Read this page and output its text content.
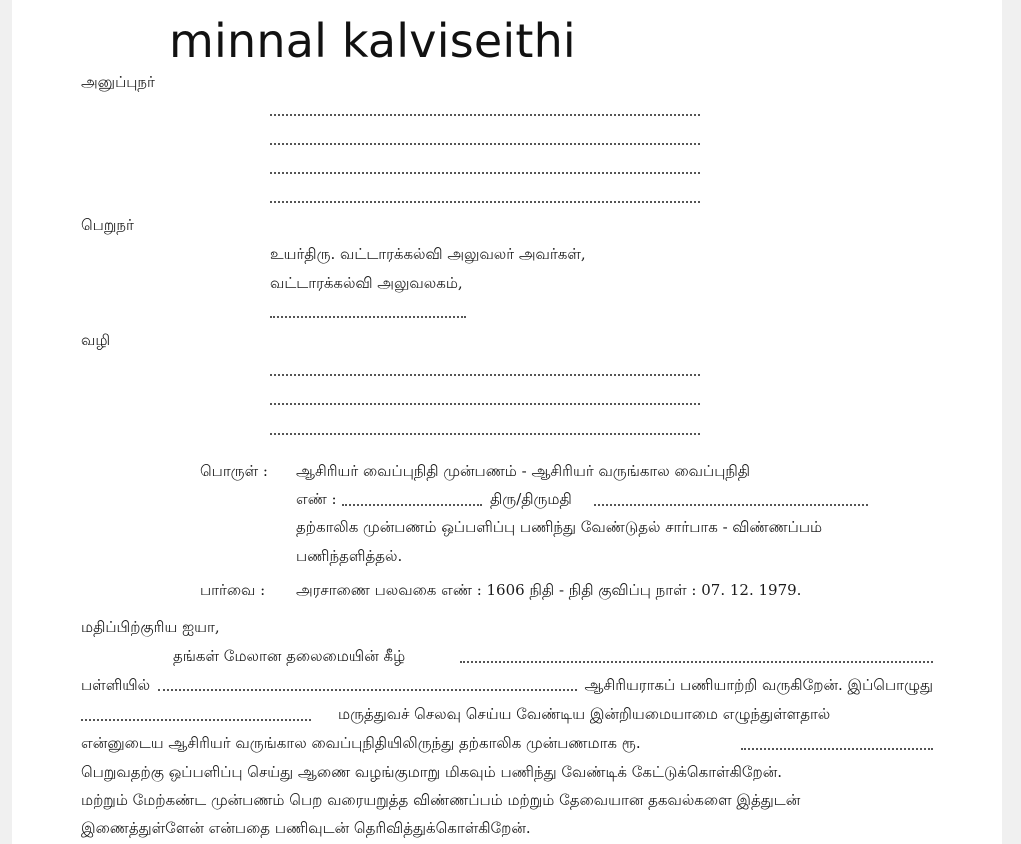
minnal kalviseithi
அனுப்புநர்
பெறுநர்
உயர்திரு. வட்டாரக்கல்வி அலுவலர் அவர்கள்,
வட்டாரக்கல்வி அலுவலகம்,
வழி
பொருள் : ஆசிரியர் வைப்புநிதி முன்பணம் - ஆசிரியர் வருங்கால வைப்புநிதி
எண் :	திரு/திருமதி
தற்காலிக முன்பணம் ஒப்பளிப்பு பணிந்து வேண்டுதல் சார்பாக - விண்ணப்பம்
பணிந்தளித்தல்.
பார்வை : அரசாணை பலவகை எண் : 1606 நிதி - நிதி குவிப்பு நாள் : 07. 12. 1979.
மதிப்பிற்குரிய ஐயா,
தங்கள் மேலான தலைமையின் கீழ்
பள்ளியில்	ஆசிரியராகப் பணியாற்றி வருகிறேன். இப்பொழுது
மருத்துவச் செலவு செய்ய வேண்டிய இன்றியமையாமை எழுந்துள்ளதால்
என்னுடைய ஆசிரியர் வருங்கால வைப்புநிதியிலிருந்து தற்காலிக முன்பணமாக ரூ.
பெறுவதற்கு ஒப்பளிப்பு செய்து ஆணை வழங்குமாறு மிகவும் பணிந்து வேண்டிக் கேட்டுக்கொள்கிறேன்.
மற்றும் மேற்கண்ட முன்பணம் பெற வரையறுத்த விண்ணப்பம் மற்றும் தேவையான தகவல்களை இத்துடன்
இணைத்துள்ளேன் என்பதை பணிவுடன் தெரிவித்துக்கொள்கிறேன்.
